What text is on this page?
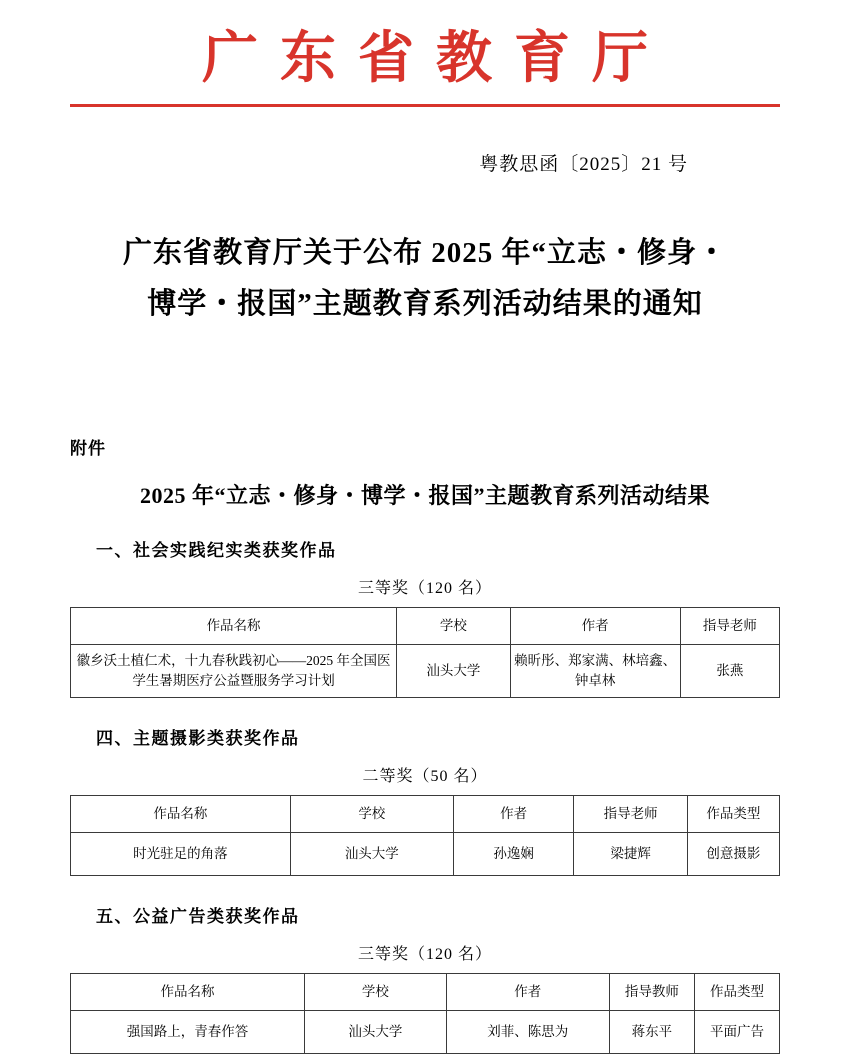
广东省教育厅
粤教思函〔2025〕21 号
广东省教育厅关于公布 2025 年“立志・修身・
博学・报国”主题教育系列活动结果的通知
附件
2025 年“立志・修身・博学・报国”主题教育系列活动结果
一、社会实践纪实类获奖作品
三等奖（120 名）
作品名称	学校	作者	指导老师
徽乡沃土植仁术，十九春秋践初心——2025 年全国医学生暑期医疗公益暨服务学习计划	汕头大学	赖昕彤、郑家满、林培鑫、钟卓林	张燕
四、主题摄影类获奖作品
二等奖（50 名）
作品名称	学校	作者	指导老师	作品类型
时光驻足的角落	汕头大学	孙逸娴	梁捷辉	创意摄影
五、公益广告类获奖作品
三等奖（120 名）
作品名称	学校	作者	指导教师	作品类型
强国路上，青春作答	汕头大学	刘菲、陈思为	蒋东平	平面广告
